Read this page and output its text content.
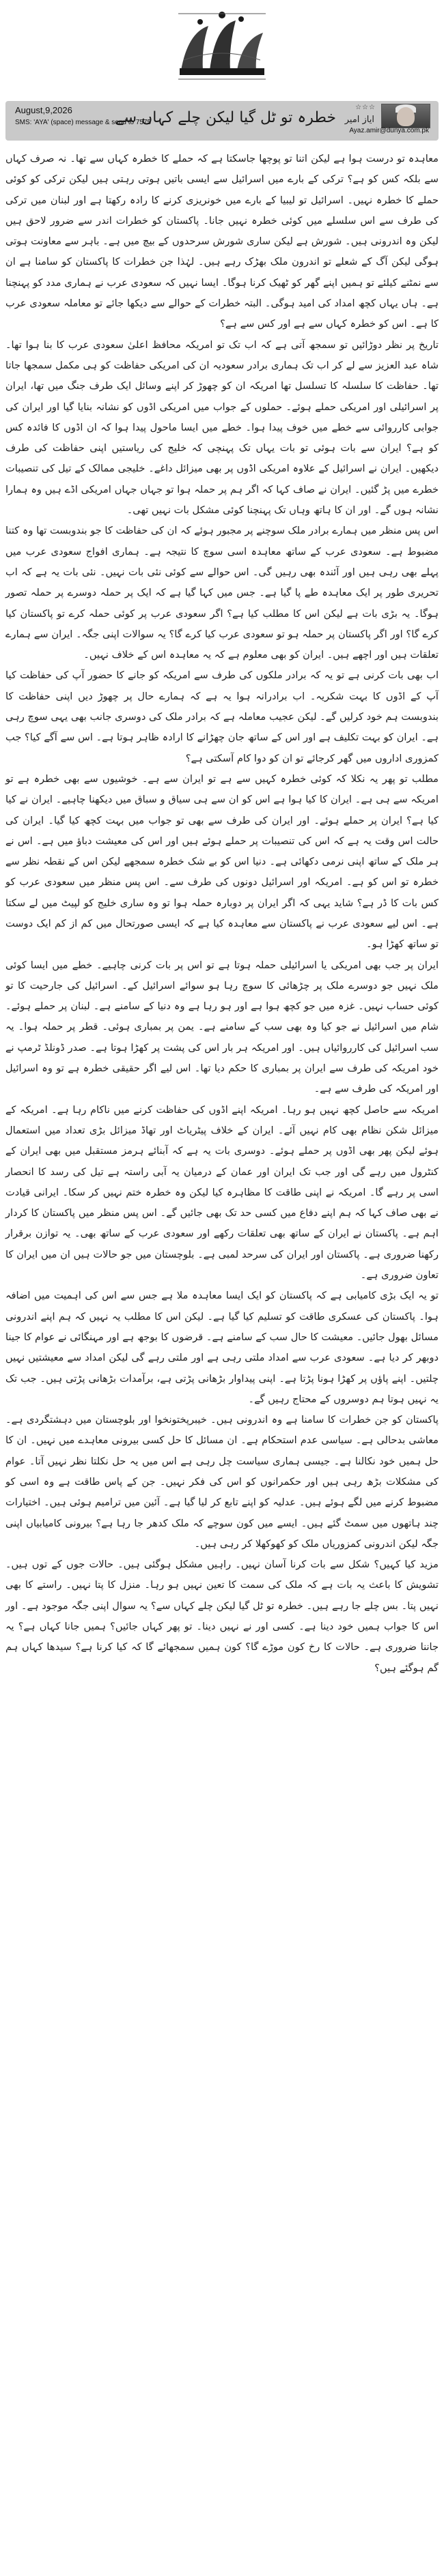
August,9,2026
SMS: 'AYA' (space) message & send to 7575
خطرہ تو ٹل گیا لیکن چلے کہاں سے
☆☆☆
ایاز امیر
Ayaz.amir@dunya.com.pk

معاہدہ تو درست ہوا ہے لیکن اتنا تو پوچھا جاسکتا ہے کہ حملے کا خطرہ کہاں سے تھا۔ نہ صرف کہاں سے بلکہ کس کو ہے؟ ترکی کے بارے میں اسرائیل سے ایسی باتیں ہوتی رہتی ہیں لیکن ترکی کو کوئی حملے کا خطرہ نہیں۔ اسرائیل تو لیبیا کے بارے میں خونریزی کرنے کا رادہ رکھتا ہے اور لبنان میں ترکی کی طرف سے اس سلسلے میں کوئی خطرہ نہیں جانا۔ پاکستان کو خطرات اندر سے ضرور لاحق ہیں لیکن وہ اندرونی ہیں۔ شورش ہے لیکن ساری شورش سرحدوں کے بیچ میں ہے۔ باہر سے معاونت ہوتی ہوگی لیکن آگ کے شعلے تو اندرون ملک بھڑک رہے ہیں۔ لہٰذا جن خطرات کا پاکستان کو سامنا ہے ان سے نمٹنے کیلئے تو ہمیں اپنے گھر کو ٹھیک کرنا ہوگا۔ ایسا نہیں کہ سعودی عرب نے ہماری مدد کو پہنچنا ہے۔ ہاں یہاں کچھ امداد کی امید ہوگی۔ البتہ خطرات کے حوالے سے دیکھا جائے تو معاملہ سعودی عرب کا ہے۔ اس کو خطرہ کہاں سے ہے اور کس سے ہے؟

تاریخ پر نظر دوڑائیں تو سمجھ آتی ہے کہ اب تک تو امریکہ محافظ اعلیٰ سعودی عرب کا بنا ہوا تھا۔ شاہ عبد العزیز سے لے کر اب تک ہماری برادر سعودیہ ان کی امریکی حفاظت کو ہی مکمل سمجھا جاتا تھا۔ حفاظت کا سلسلہ کا تسلسل تھا امریکہ ان کو چھوڑ کر اپنے وسائل ایک طرف جنگ میں تھا، ایران پر اسرائیلی اور امریکی حملے ہوئے۔ حملوں کے جواب میں امریکی اڈوں کو نشانہ بنایا گیا اور ایران کی جوابی کارروائی سے خطے میں خوف پیدا ہوا۔ خطے میں ایسا ماحول پیدا ہوا کہ ان اڈوں کا فائدہ کس کو ہے؟ ایران سے بات ہوئی تو بات یہاں تک پہنچی کہ خلیج کی ریاستیں اپنی حفاظت کی طرف دیکھیں۔ ایران نے اسرائیل کے علاوہ امریکی اڈوں پر بھی میزائل داغے۔ خلیجی ممالک کے تیل کی تنصیبات خطرے میں پڑ گئیں۔ ایران نے صاف کہا کہ اگر ہم پر حملہ ہوا تو جہاں جہاں امریکی اڈے ہیں وہ ہمارا نشانہ ہوں گے۔ اور ان کا ہاتھ وہاں تک پہنچنا کوئی مشکل بات نہیں تھی۔

اس پس منظر میں ہمارے برادر ملک سوچنے پر مجبور ہوئے کہ ان کی حفاظت کا جو بندوبست تھا وہ کتنا مضبوط ہے۔ سعودی عرب کے ساتھ معاہدہ اسی سوچ کا نتیجہ ہے۔ ہماری افواج سعودی عرب میں پہلے بھی رہی ہیں اور آئندہ بھی رہیں گی۔ اس حوالے سے کوئی نئی بات نہیں۔ نئی بات یہ ہے کہ اب تحریری طور پر ایک معاہدہ طے پا گیا ہے۔ جس میں کہا گیا ہے کہ ایک پر حملہ دوسرے پر حملہ تصور ہوگا۔ یہ بڑی بات ہے لیکن اس کا مطلب کیا ہے؟ اگر سعودی عرب پر کوئی حملہ کرے تو پاکستان کیا کرے گا؟ اور اگر پاکستان پر حملہ ہو تو سعودی عرب کیا کرے گا؟ یہ سوالات اپنی جگہ۔ ایران سے ہمارے تعلقات ہیں اور اچھے ہیں۔ ایران کو بھی معلوم ہے کہ یہ معاہدہ اس کے خلاف نہیں۔

اب بھی بات کرنی ہے تو یہ کہ برادر ملکوں کی طرف سے امریکہ کو جانے کا حضور آپ کی حفاظت کیا آپ کے اڈوں کا بہت شکریہ۔ اب برادرانہ ہوا یہ ہے کہ ہمارے حال پر چھوڑ دیں اپنی حفاظت کا بندوبست ہم خود کرلیں گے۔ لیکن عجیب معاملہ ہے کہ برادر ملک کی دوسری جانب بھی یہی سوچ رہی ہے۔ ایران کو بہت تکلیف ہے اور اس کے ساتھ جان چھڑانے کا ارادہ ظاہر ہوتا ہے۔ اس سے آگے کیا؟ جب کمزوری اداروں میں گھر کرجائے تو ان کو دوا کام آسکتی ہے؟

مطلب تو پھر یہ نکلا کہ کوئی خطرہ کہیں سے ہے تو ایران سے ہے۔ خوشیوں سے بھی خطرہ ہے تو امریکہ سے ہی ہے۔ ایران کا کیا ہوا ہے اس کو ان سے ہی سیاق و سباق میں دیکھنا چاہیے۔ ایران نے کیا کیا ہے؟ ایران پر حملے ہوئے۔ اور ایران کی طرف سے بھی تو جواب میں بہت کچھ کیا گیا۔ ایران کی حالت اس وقت یہ ہے کہ اس کی تنصیبات پر حملے ہوئے ہیں اور اس کی معیشت دباؤ میں ہے۔ اس نے ہر ملک کے ساتھ اپنی نرمی دکھائی ہے۔ دنیا اس کو بے شک خطرہ سمجھے لیکن اس کے نقطہ نظر سے خطرہ تو اس کو ہے۔ امریکہ اور اسرائیل دونوں کی طرف سے۔ اس پس منظر میں سعودی عرب کو کس بات کا ڈر ہے؟ شاید یہی کہ اگر ایران پر دوبارہ حملہ ہوا تو وہ ساری خلیج کو لپیٹ میں لے سکتا ہے۔ اس لیے سعودی عرب نے پاکستان سے معاہدہ کیا ہے کہ ایسی صورتحال میں کم از کم ایک دوست تو ساتھ کھڑا ہو۔

ایران پر جب بھی امریکی یا اسرائیلی حملہ ہوتا ہے تو اس پر بات کرنی چاہیے۔ خطے میں ایسا کوئی ملک نہیں جو دوسرے ملک پر چڑھائی کا سوچ رہا ہو سوائے اسرائیل کے۔ اسرائیل کی جارحیت کا تو کوئی حساب نہیں۔ غزہ میں جو کچھ ہوا ہے اور ہو رہا ہے وہ دنیا کے سامنے ہے۔ لبنان پر حملے ہوئے۔ شام میں اسرائیل نے جو کیا وہ بھی سب کے سامنے ہے۔ یمن پر بمباری ہوئی۔ قطر پر حملہ ہوا۔ یہ سب اسرائیل کی کارروائیاں ہیں۔ اور امریکہ ہر بار اس کی پشت پر کھڑا ہوتا ہے۔ صدر ڈونلڈ ٹرمپ نے خود امریکہ کی طرف سے ایران پر بمباری کا حکم دیا تھا۔ اس لیے اگر حقیقی خطرہ ہے تو وہ اسرائیل اور امریکہ کی طرف سے ہے۔

امریکہ سے حاصل کچھ نہیں ہو رہا۔ امریکہ اپنے اڈوں کی حفاظت کرنے میں ناکام رہا ہے۔ امریکہ کے میزائل شکن نظام بھی کام نہیں آئے۔ ایران کے خلاف پیٹریاٹ اور تھاڈ میزائل بڑی تعداد میں استعمال ہوئے لیکن پھر بھی اڈوں پر حملے ہوئے۔ دوسری بات یہ ہے کہ آبنائے ہرمز مستقبل میں بھی ایران کے کنٹرول میں رہے گی اور جب تک ایران اور عمان کے درمیان یہ آبی راستہ ہے تیل کی رسد کا انحصار اسی پر رہے گا۔ امریکہ نے اپنی طاقت کا مظاہرہ کیا لیکن وہ خطرہ ختم نہیں کر سکا۔ ایرانی قیادت نے بھی صاف کہا کہ ہم اپنے دفاع میں کسی حد تک بھی جائیں گے۔ اس پس منظر میں پاکستان کا کردار اہم ہے۔ پاکستان نے ایران کے ساتھ بھی تعلقات رکھے اور سعودی عرب کے ساتھ بھی۔ یہ توازن برقرار رکھنا ضروری ہے۔ پاکستان اور ایران کی سرحد لمبی ہے۔ بلوچستان میں جو حالات ہیں ان میں ایران کا تعاون ضروری ہے۔

تو یہ ایک بڑی کامیابی ہے کہ پاکستان کو ایک ایسا معاہدہ ملا ہے جس سے اس کی اہمیت میں اضافہ ہوا۔ پاکستان کی عسکری طاقت کو تسلیم کیا گیا ہے۔ لیکن اس کا مطلب یہ نہیں کہ ہم اپنے اندرونی مسائل بھول جائیں۔ معیشت کا حال سب کے سامنے ہے۔ قرضوں کا بوجھ ہے اور مہنگائی نے عوام کا جینا دوبھر کر دیا ہے۔ سعودی عرب سے امداد ملتی رہی ہے اور ملتی رہے گی لیکن امداد سے معیشتیں نہیں چلتیں۔ اپنے پاؤں پر کھڑا ہونا پڑتا ہے۔ اپنی پیداوار بڑھانی پڑتی ہے، برآمدات بڑھانی پڑتی ہیں۔ جب تک یہ نہیں ہوتا ہم دوسروں کے محتاج رہیں گے۔

پاکستان کو جن خطرات کا سامنا ہے وہ اندرونی ہیں۔ خیبرپختونخوا اور بلوچستان میں دہشتگردی ہے۔ معاشی بدحالی ہے۔ سیاسی عدم استحکام ہے۔ ان مسائل کا حل کسی بیرونی معاہدے میں نہیں۔ ان کا حل ہمیں خود نکالنا ہے۔ جیسی ہماری سیاست چل رہی ہے اس میں یہ حل نکلتا نظر نہیں آتا۔ عوام کی مشکلات بڑھ رہی ہیں اور حکمرانوں کو اس کی فکر نہیں۔ جن کے پاس طاقت ہے وہ اسی کو مضبوط کرنے میں لگے ہوئے ہیں۔ عدلیہ کو اپنے تابع کر لیا گیا ہے۔ آئین میں ترامیم ہوئی ہیں۔ اختیارات چند ہاتھوں میں سمٹ گئے ہیں۔ ایسے میں کون سوچے کہ ملک کدھر جا رہا ہے؟ بیرونی کامیابیاں اپنی جگہ لیکن اندرونی کمزوریاں ملک کو کھوکھلا کر رہی ہیں۔

مزید کیا کہیں؟ شکل سے بات کرنا آسان نہیں۔ راہیں مشکل ہوگئی ہیں۔ حالات جوں کے توں ہیں۔ تشویش کا باعث یہ بات ہے کہ ملک کی سمت کا تعین نہیں ہو رہا۔ منزل کا پتا نہیں۔ راستے کا بھی نہیں پتا۔ بس چلے جا رہے ہیں۔ خطرہ تو ٹل گیا لیکن چلے کہاں سے؟ یہ سوال اپنی جگہ موجود ہے۔ اور اس کا جواب ہمیں خود دینا ہے۔ کسی اور نے نہیں دینا۔ تو پھر کہاں جائیں؟ ہمیں جانا کہاں ہے؟ یہ جاننا ضروری ہے۔ حالات کا رخ کون موڑے گا؟ کون ہمیں سمجھائے گا کہ کیا کرنا ہے؟ سیدھا کہاں ہم گم ہوگئے ہیں؟
